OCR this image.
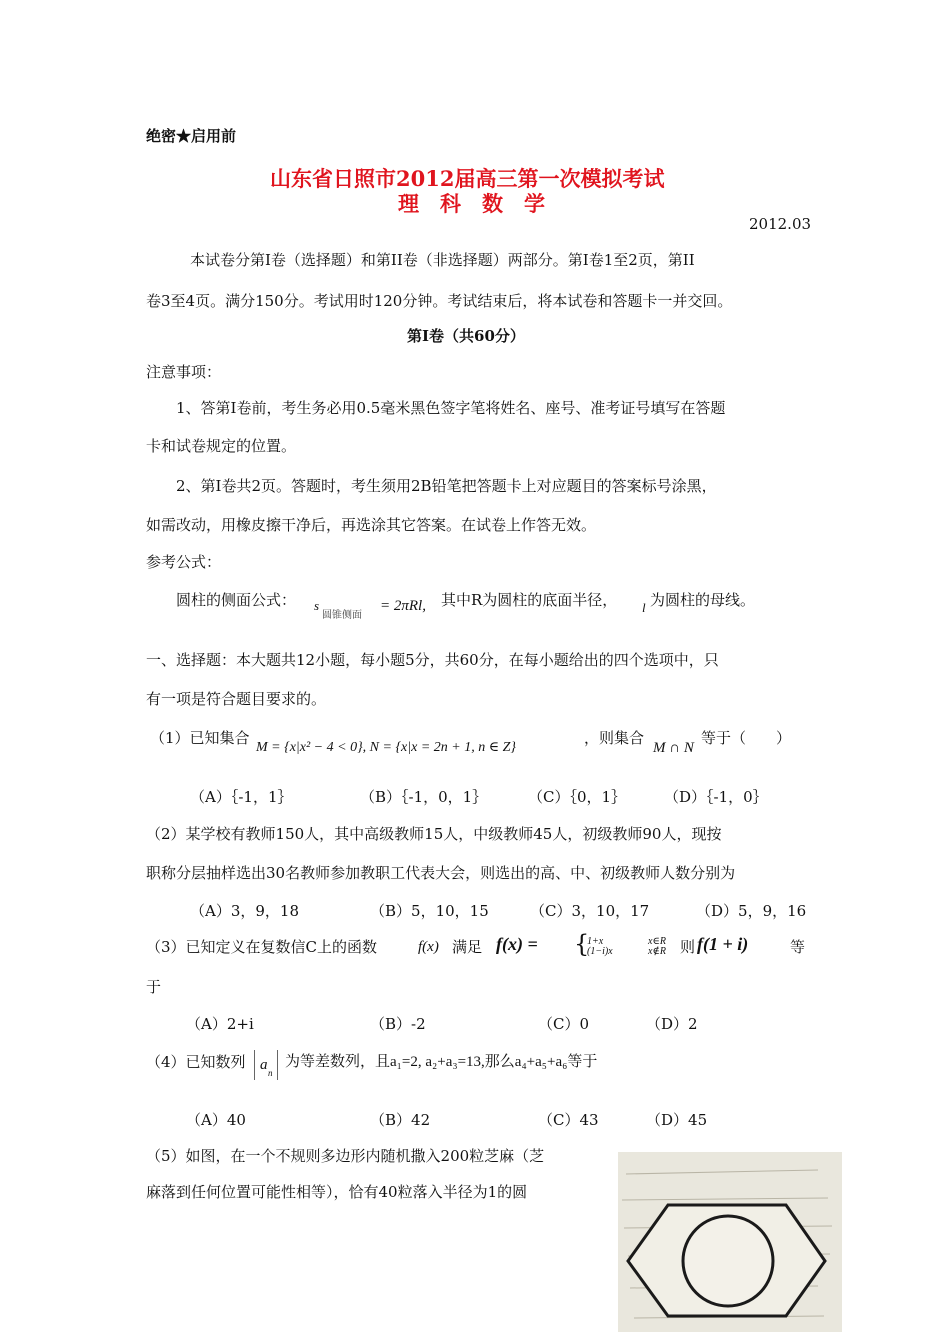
绝密★启用前
山东省日照市2012届高三第一次模拟考试
理　科　数　学
2012.03
本试卷分第I卷（选择题）和第II卷（非选择题）两部分。第I卷1至2页，第II
卷3至4页。满分150分。考试用时120分钟。考试结束后，将本试卷和答题卡一并交回。
第I卷（共60分）
注意事项：
1、答第I卷前，考生务必用0.5毫米黑色签字笔将姓名、座号、准考证号填写在答题
卡和试卷规定的位置。
2、第I卷共2页。答题时，考生须用2B铅笔把答题卡上对应题目的答案标号涂黑，
如需改动，用橡皮擦干净后，再选涂其它答案。在试卷上作答无效。
参考公式：
圆柱的侧面公式： s
圆锥侧面
= 2πRl, 其中R为圆柱的底面半径， l 为圆柱的母线。
一、选择题：本大题共12小题，每小题5分，共60分，在每小题给出的四个选项中，只
有一项是符合题目要求的。
（1）已知集合
M = {x|x² − 4 < 0}, N = {x|x = 2n + 1, n ∈ Z}
，则集合
M ∩ N
等于（　　）
（A）｛-1，1｝	（B）｛-1，0，1｝	（C）｛0，1｝	（D）｛-1，0｝
（2）某学校有教师150人，其中高级教师15人，中级教师45人，初级教师90人，现按
职称分层抽样选出30名教师参加教职工代表大会，则选出的高、中、初级教师人数分别为
（A）3，9，18	（B）5，10，15	（C）3，10，17	（D）5，9，16
（3）已知定义在复数信C上的函数	f(x) 满足 f(x) = {
1+x
(1−i)x
x∈R
x∉R 则 f(1 + i)	等
于
（A）2+i	（B）-2	（C）0	（D）2
（4）已知数列 a n
为等差数列，且a₁=2, a₂+a₃=13,那么a₄+a₅+a₆等于
（A）40	（B）42	（C）43	（D）45
（5）如图，在一个不规则多边形内随机撒入200粒芝麻（芝
麻落到任何位置可能性相等），恰有40粒落入半径为1的圆
